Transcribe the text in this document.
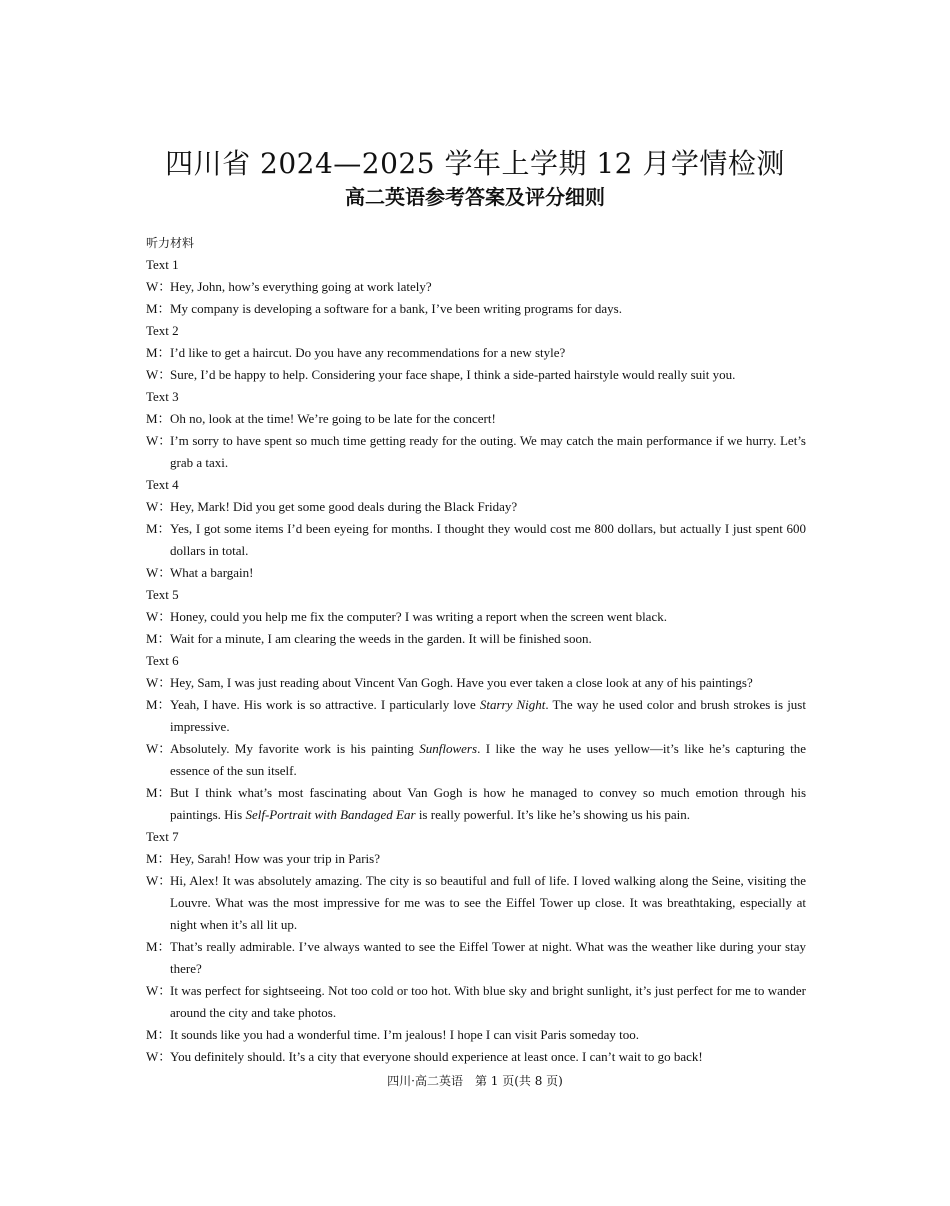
四川省 2024—2025 学年上学期 12 月学情检测
高二英语参考答案及评分细则

听力材料

Text 1

W：
Hey, John, how’s everything going at work lately?
M： My company is developing a software for a bank, I’ve been writing programs for days.

Text 2

M： I’d like to get a haircut. Do you have any recommendations for a new style?
W：
Sure, I’d be happy to help. Considering your face shape, I think a side-parted hairstyle would really suit you.

Text 3

M： Oh no, look at the time! We’re going to be late for the concert!
W：
I’m sorry to have spent so much time getting ready for the outing. We may catch the main performance if we hurry. Let’s grab a taxi.

Text 4

W：
Hey, Mark! Did you get some good deals during the Black Friday?
M： Yes, I got some items I’d been eyeing for months. I thought they would cost me 800 dollars, but actually I just spent 600 dollars in total.
W：
What a bargain!

Text 5

W：
Honey, could you help me fix the computer? I was writing a report when the screen went black.
M： Wait for a minute, I am clearing the weeds in the garden. It will be finished soon.

Text 6

W：
Hey, Sam, I was just reading about Vincent Van Gogh. Have you ever taken a close look at any of his paintings?
M： Yeah, I have. His work is so attractive. I particularly love Starry Night. The way he used color and brush strokes is just impressive.
W：
Absolutely. My favorite work is his painting Sunflowers. I like the way he uses yellow—it’s like he’s capturing the essence of the sun itself.
M： But I think what’s most fascinating about Van Gogh is how he managed to convey so much emotion through his paintings. His Self-Portrait with Bandaged Ear is really powerful. It’s like he’s showing us his pain.

Text 7

M： Hey, Sarah! How was your trip in Paris?
W：
Hi, Alex! It was absolutely amazing. The city is so beautiful and full of life. I loved walking along the Seine, visiting the Louvre. What was the most impressive for me was to see the Eiffel Tower up close. It was breathtaking, especially at night when it’s all lit up.
M： That’s really admirable. I’ve always wanted to see the Eiffel Tower at night. What was the weather like during your stay there?
W：
It was perfect for sightseeing. Not too cold or too hot. With blue sky and bright sunlight, it’s just perfect for me to wander around the city and take photos.
M： It sounds like you had a wonderful time. I’m jealous! I hope I can visit Paris someday too.
W：
You definitely should. It’s a city that everyone should experience at least once. I can’t wait to go back!
四川·高二英语　第 1 页(共 8 页)
